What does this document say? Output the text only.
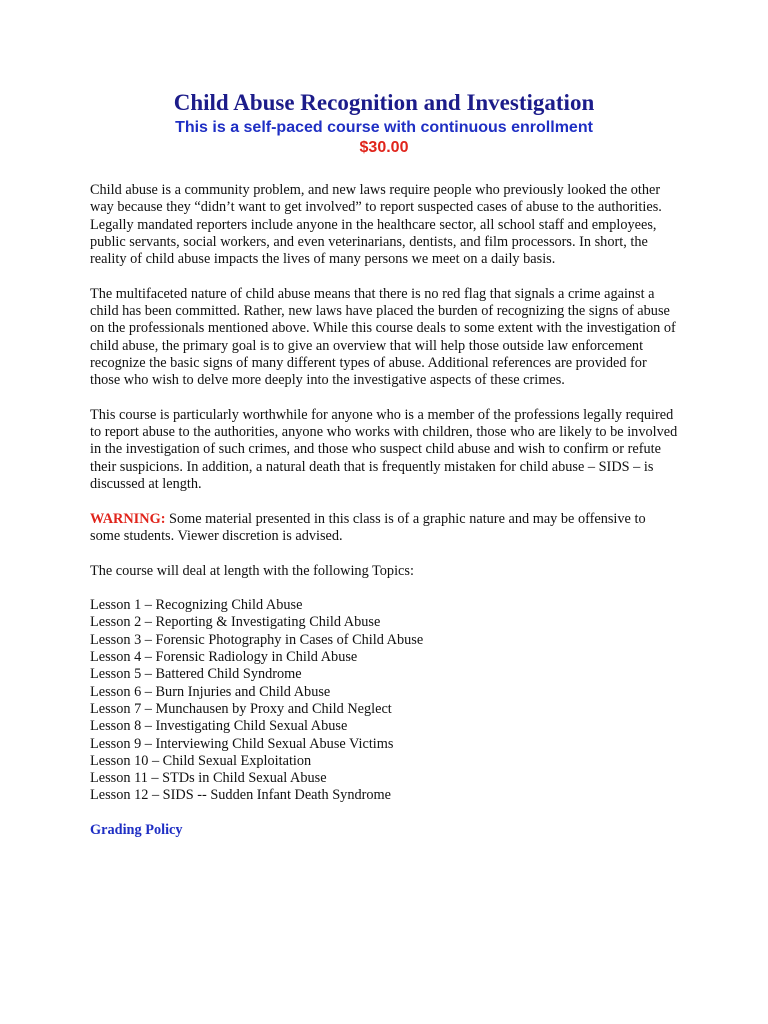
Child Abuse Recognition and Investigation

This is a self-paced course with continuous enrollment

$30.00

Child abuse is a community problem, and new laws require people who previously looked the other way because they “didn’t want to get involved” to report suspected cases of abuse to the authorities. Legally mandated reporters include anyone in the healthcare sector, all school staff and employees, public servants, social workers, and even veterinarians, dentists, and film processors. In short, the reality of child abuse impacts the lives of many persons we meet on a daily basis.

The multifaceted nature of child abuse means that there is no red flag that signals a crime against a child has been committed. Rather, new laws have placed the burden of recognizing the signs of abuse on the professionals mentioned above. While this course deals to some extent with the investigation of child abuse, the primary goal is to give an overview that will help those outside law enforcement recognize the basic signs of many different types of abuse. Additional references are provided for those who wish to delve more deeply into the investigative aspects of these crimes.

This course is particularly worthwhile for anyone who is a member of the professions legally required to report abuse to the authorities, anyone who works with children, those who are likely to be involved in the investigation of such crimes, and those who suspect child abuse and wish to confirm or refute their suspicions. In addition, a natural death that is frequently mistaken for child abuse – SIDS – is discussed at length.

WARNING: Some material presented in this class is of a graphic nature and may be offensive to some students. Viewer discretion is advised.

The course will deal at length with the following Topics:

Lesson 1 – Recognizing Child Abuse
Lesson 2 – Reporting & Investigating Child Abuse
Lesson 3 – Forensic Photography in Cases of Child Abuse
Lesson 4 – Forensic Radiology in Child Abuse
Lesson 5 – Battered Child Syndrome
Lesson 6 – Burn Injuries and Child Abuse
Lesson 7 – Munchausen by Proxy and Child Neglect
Lesson 8 – Investigating Child Sexual Abuse
Lesson 9 – Interviewing Child Sexual Abuse Victims
Lesson 10 – Child Sexual Exploitation
Lesson 11 – STDs in Child Sexual Abuse
Lesson 12 – SIDS -- Sudden Infant Death Syndrome

Grading Policy
